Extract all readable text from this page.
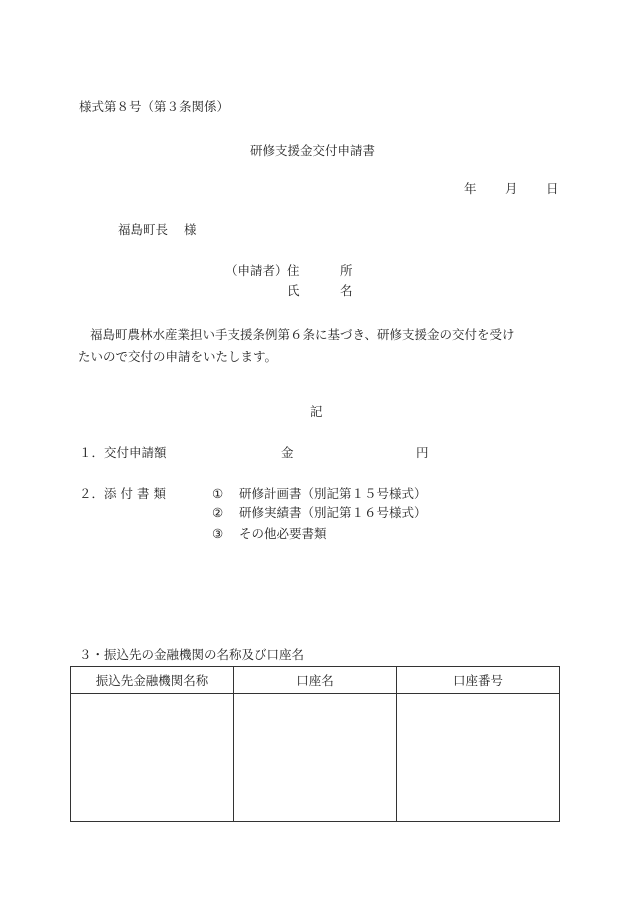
様式第８号（第３条関係）
研修支援金交付申請書
年 月 日
福島町長 様
（申請者） 住	所
氏	名

福島町農林水産業担い手支援条例第６条に基づき、研修支援金の交付を受け

たいので交付の申請をいたします。

記
１． 交付申請額	金	円
２． 添付書類	① 研修計画書（別記第１５号様式）
② 研修実績書（別記第１６号様式）
③ その他必要書類
３・振込先の金融機関の名称及び口座名
振込先金融機関名称	口座名	口座番号
